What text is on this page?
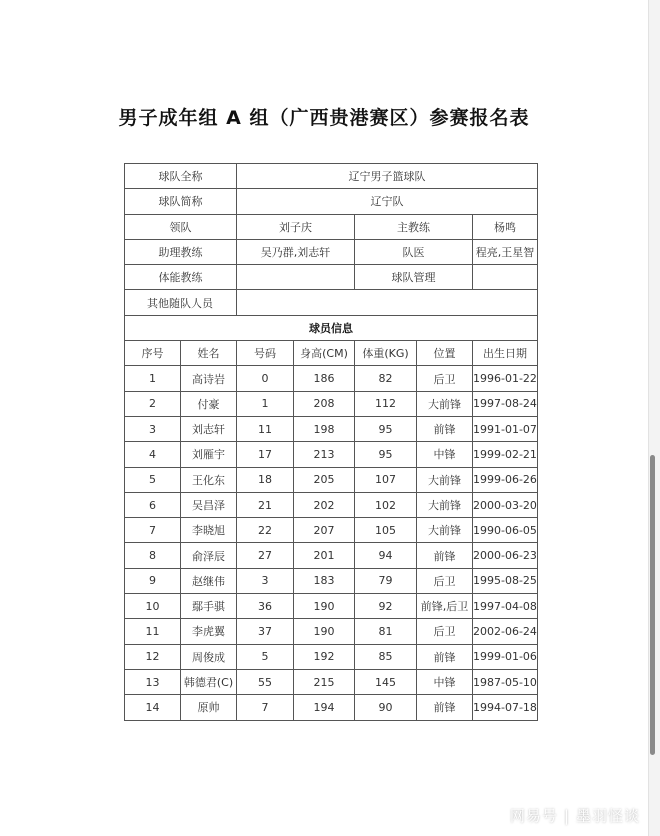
男子成年组 A 组（广西贵港赛区）参赛报名表
球队全称		辽宁男子篮球队				
球队简称		辽宁队				
领队		刘子庆		主教练		杨鸣
助理教练		吴乃群,刘志轩		队医		程亮,王星智
体能教练				球队管理		
其他随队人员						
球员信息						
序号	姓名	号码	身高(CM)	体重(KG)	位置	出生日期
1	高诗岩	0	186	82	后卫	1996-01-22
2	付豪	1	208	112	大前锋	1997-08-24
3	刘志轩	11	198	95	前锋	1991-01-07
4	刘雁宇	17	213	95	中锋	1999-02-21
5	王化东	18	205	107	大前锋	1999-06-26
6	吴昌泽	21	202	102	大前锋	2000-03-20
7	李晓旭	22	207	105	大前锋	1990-06-05
8	俞泽辰	27	201	94	前锋	2000-06-23
9	赵继伟	3	183	79	后卫	1995-08-25
10	鄢手骐	36	190	92	前锋,后卫	1997-04-08
11	李虎翼	37	190	81	后卫	2002-06-24
12	周俊成	5	192	85	前锋	1999-01-06
13	韩德君(C)	55	215	145	中锋	1987-05-10
14	原帅	7	194	90	前锋	1994-07-18
网易号 | 墨羽怪谈
